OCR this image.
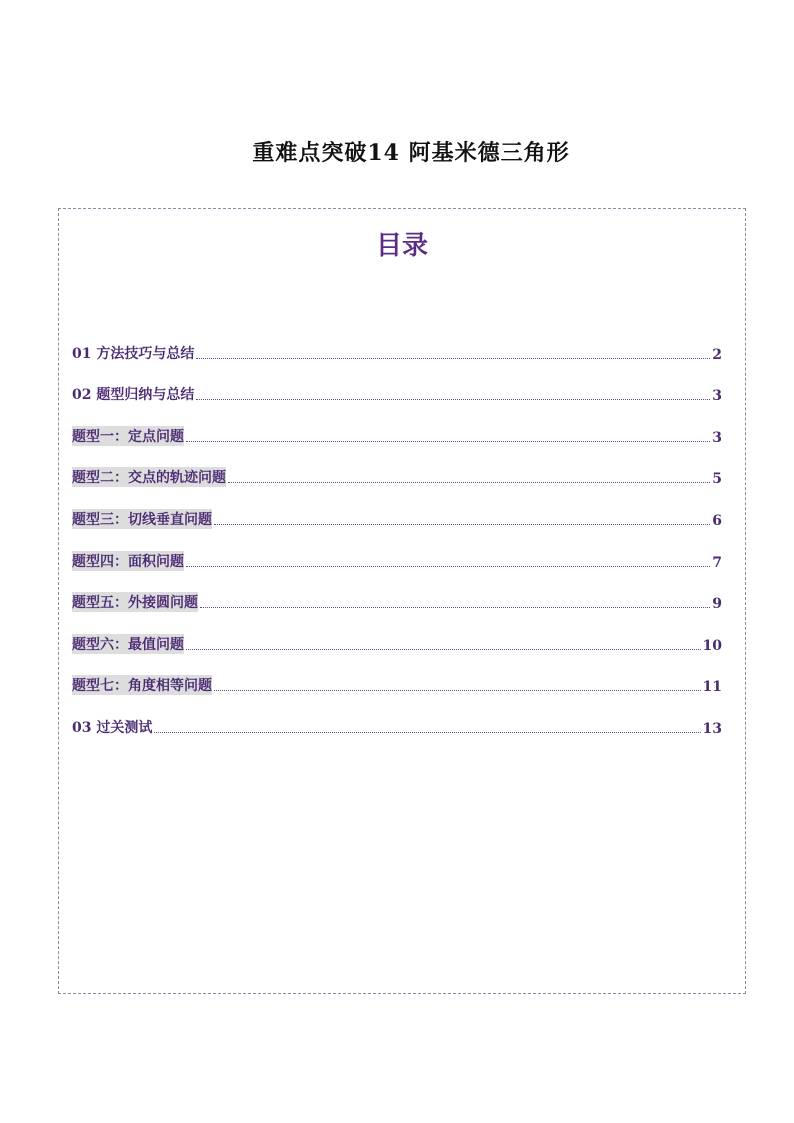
重难点突破14 阿基米德三角形
目录
01 方法技巧与总结	2
02 题型归纳与总结	3
题型一：定点问题	3
题型二：交点的轨迹问题	5
题型三：切线垂直问题	6
题型四：面积问题	7
题型五：外接圆问题	9
题型六：最值问题	10
题型七：角度相等问题	11
03 过关测试	13
